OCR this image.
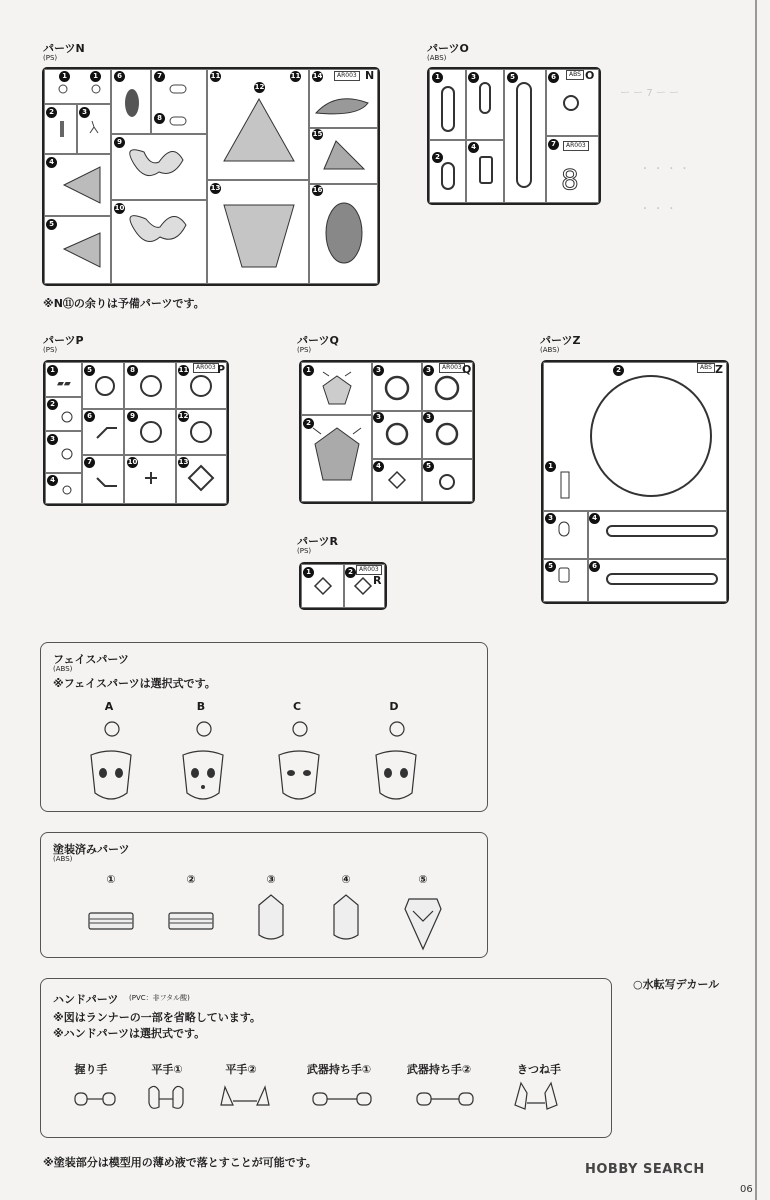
ー ー 7 ー ー
・ ・ ・ ・
・ ・ ・
パーツN
(PS)
1	1
2	3
4
5
6	7
8
9
10
11	11
12
13
14
15
16
AR003 N
※N⑪の余りは予備パーツです。
パーツO
(ABS)
8
1
2
3
4
5	6
7
ABS O
AR003
パーツP
(PS)
▰▰
1
2
3
4
5
6
7
8
9
10
11
12
13
AR003 P
パーツQ
(PS)
1
2
3
3
3
3
4	5
AR003 Q
パーツR
(PS)
1	2	AR003
R
パーツZ
(ABS)
1
2
3	4
5	6
ABS Z
フェイスパーツ
(ABS)
※フェイスパーツは選択式です。
A	B	C	D
塗装済みパーツ
(ABS)
①	②	③	④	⑤
○水転写デカール
ハンドパーツ (PVC：非フタル酸)
※図はランナーの一部を省略しています。
※ハンドパーツは選択式です。
握り手	平手①	平手②	武器持ち手①	武器持ち手②	きつね手
※塗装部分は模型用の薄め液で落とすことが可能です。	HOBBY SEARCH
06
